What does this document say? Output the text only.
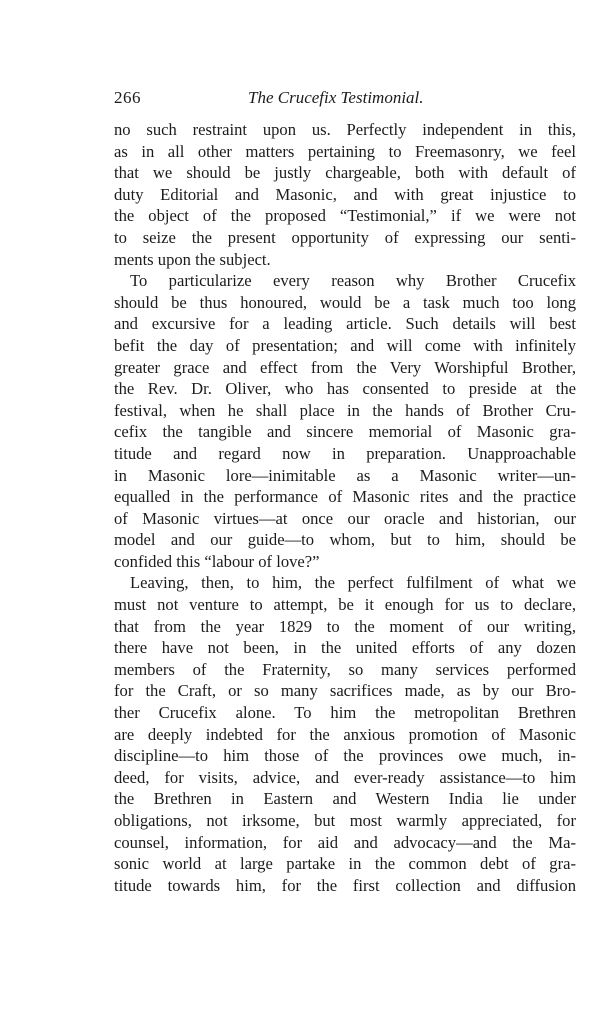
266	The Crucefix Testimonial.
no such restraint upon us. Perfectly independent in this,
as in all other matters pertaining to Freemasonry, we feel
that we should be justly chargeable, both with default of
duty Editorial and Masonic, and with great injustice to
the object of the proposed “Testimonial,” if we were not
to seize the present opportunity of expressing our senti-
ments upon the subject.
To particularize every reason why Brother Crucefix
should be thus honoured, would be a task much too long
and excursive for a leading article. Such details will best
befit the day of presentation; and will come with infinitely
greater grace and effect from the Very Worshipful Brother,
the Rev. Dr. Oliver, who has consented to preside at the
festival, when he shall place in the hands of Brother Cru-
cefix the tangible and sincere memorial of Masonic gra-
titude and regard now in preparation. Unapproachable
in Masonic lore—inimitable as a Masonic writer—un-
equalled in the performance of Masonic rites and the practice
of Masonic virtues—at once our oracle and historian, our
model and our guide—to whom, but to him, should be
confided this “labour of love?”
Leaving, then, to him, the perfect fulfilment of what we
must not venture to attempt, be it enough for us to declare,
that from the year 1829 to the moment of our writing,
there have not been, in the united efforts of any dozen
members of the Fraternity, so many services performed
for the Craft, or so many sacrifices made, as by our Bro-
ther Crucefix alone. To him the metropolitan Brethren
are deeply indebted for the anxious promotion of Masonic
discipline—to him those of the provinces owe much, in-
deed, for visits, advice, and ever-ready assistance—to him
the Brethren in Eastern and Western India lie under
obligations, not irksome, but most warmly appreciated, for
counsel, information, for aid and advocacy—and the Ma-
sonic world at large partake in the common debt of gra-
titude towards him, for the first collection and diffusion
